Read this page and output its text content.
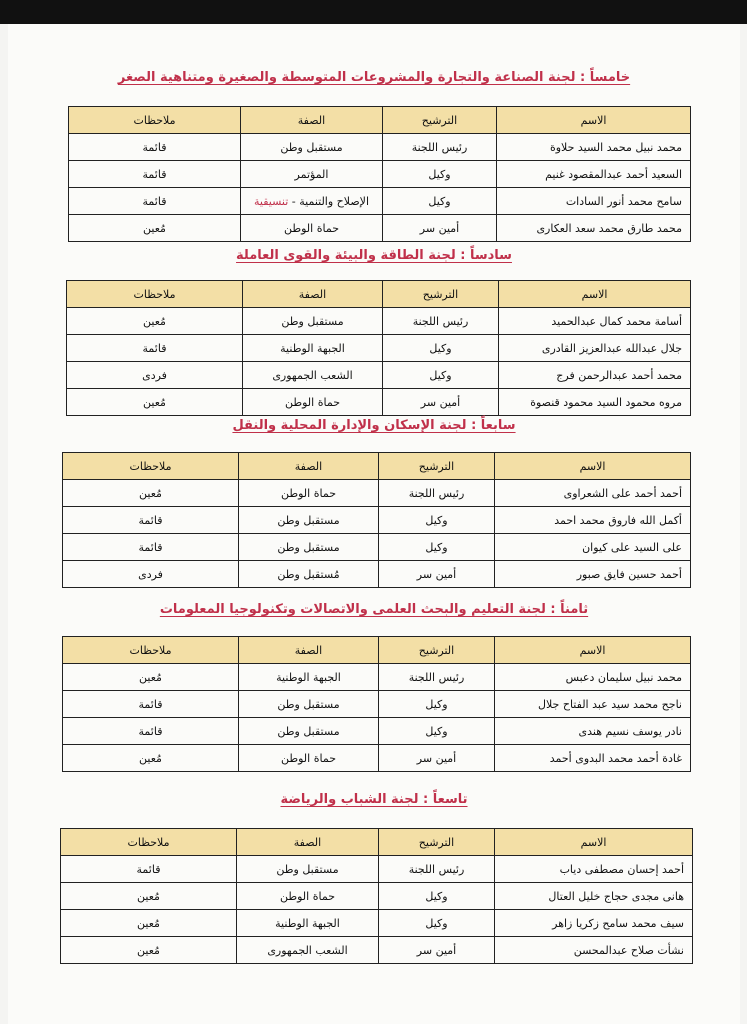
خامساً : لجنة الصناعة والتجارة والمشروعات المتوسطة والصغيرة ومتناهية الصغر
الاسم	الترشيح	الصفة	ملاحظات
محمد نبيل محمد السيد حلاوة	رئيس اللجنة	مستقبل وطن	قائمة
السعيد أحمد عبدالمقصود غنيم	وكيل	المؤتمر	قائمة
سامح محمد أنور السادات	وكيل	الإصلاح والتنمية - تنسيقية	قائمة
محمد طارق محمد سعد العكارى	أمين سر	حماة الوطن	مُعين
سادساً : لجنة الطاقة والبيئة والقوى العاملة
الاسم	الترشيح	الصفة	ملاحظات
أسامة محمد كمال عبدالحميد	رئيس اللجنة	مستقبل وطن	مُعين
جلال عبدالله عبدالعزيز القادرى	وكيل	الجبهة الوطنية	قائمة
محمد أحمد عبدالرحمن فرج	وكيل	الشعب الجمهورى	فردى
مروه محمود السيد محمود قنصوة	أمين سر	حماة الوطن	مُعين
سابعاً : لجنة الإسكان والإدارة المحلية والنقل
الاسم	الترشيح	الصفة	ملاحظات
أحمد أحمد على الشعراوى	رئيس اللجنة	حماة الوطن	مُعين
أكمل الله فاروق محمد احمد	وكيل	مستقبل وطن	قائمة
على السيد على كيوان	وكيل	مستقبل وطن	قائمة
أحمد حسين فايق صبور	أمين سر	مُستقبل وطن	فردى
ثامناً : لجنة التعليم والبحث العلمى والاتصالات وتكنولوجيا المعلومات
الاسم	الترشيح	الصفة	ملاحظات
محمد نبيل سليمان دعبس	رئيس اللجنة	الجبهة الوطنية	مُعين
ناجح محمد سيد عبد الفتاح جلال	وكيل	مستقبل وطن	قائمة
نادر يوسف نسيم هندى	وكيل	مستقبل وطن	قائمة
غادة أحمد محمد البدوى أحمد	أمين سر	حماة الوطن	مُعين
تاسعاً : لجنة الشباب والرياضة
الاسم	الترشيح	الصفة	ملاحظات
أحمد إحسان مصطفى دياب	رئيس اللجنة	مستقبل وطن	قائمة
هانى مجدى حجاج خليل العتال	وكيل	حماة الوطن	مُعين
سيف محمد سامح زكريا زاهر	وكيل	الجبهة الوطنية	مُعين
نشأت صلاح عبدالمحسن	أمين سر	الشعب الجمهورى	مُعين
